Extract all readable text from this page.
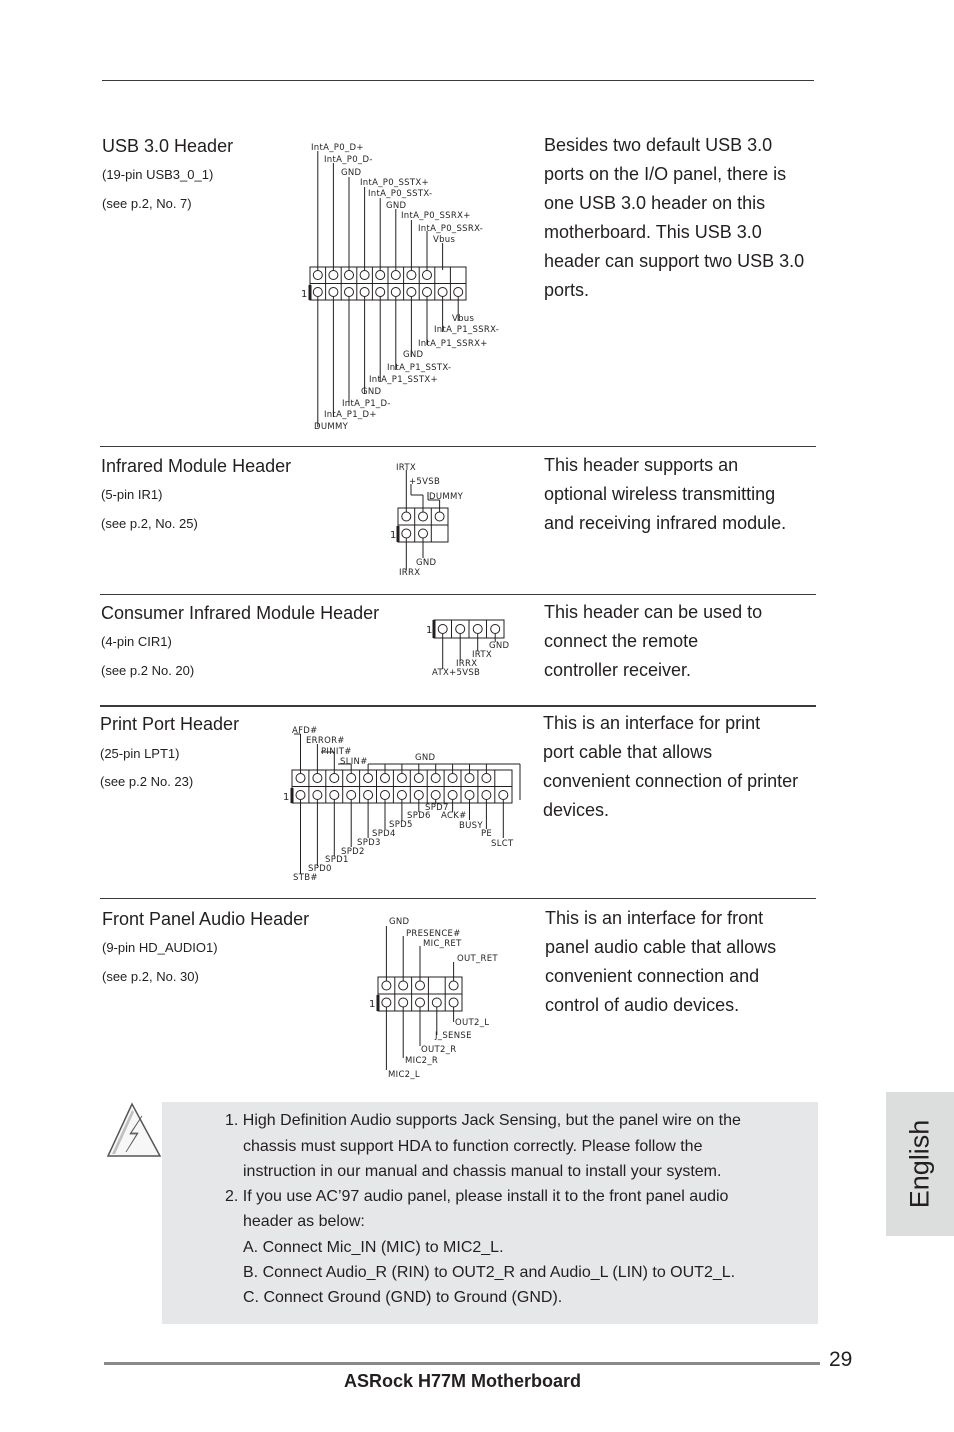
USB 3.0 Header
(19-pin USB3_0_1)
(see p.2, No. 7)
Besides two default USB 3.0
ports on the I/O panel, there is
one USB 3.0 header on this
motherboard. This USB 3.0
header can support two USB 3.0
ports.
1
IntA_P0_D+
IntA_P0_D-
GND
IntA_P0_SSTX+
IntA_P0_SSTX-
GND
IntA_P0_SSRX+
IntA_P0_SSRX-
Vbus
Vbus
IntA_P1_SSRX-
IntA_P1_SSRX+
GND
IntA_P1_SSTX-
IntA_P1_SSTX+
GND
IntA_P1_D-
IntA_P1_D+
DUMMY
Infrared Module Header
(5-pin IR1)
(see p.2, No. 25)
This header supports an
optional wireless transmitting
and receiving infrared module.
1
IRTX
+5VSB
DUMMY
GND
IRRX
Consumer Infrared Module Header
(4-pin CIR1)
(see p.2 No. 20)
This header can be used to
connect the remote
controller receiver.
1
GND
IRTX
IRRX
ATX+5VSB
Print Port Header
(25-pin LPT1)
(see p.2 No. 23)
This is an interface for print
port cable that allows
convenient connection of printer
devices.
1
AFD#
ERROR#
PINIT#
SLIN#	GND
SPD7
SPD6 ACK#
SPD5	BUSY
SPD4	PE
SPD3	SLCT
SPD2
SPD1
SPD0
STB#
Front Panel Audio Header
(9-pin HD_AUDIO1)
(see p.2, No. 30)
This is an interface for front
panel audio cable that allows
convenient connection and
control of audio devices.
1
GND
PRESENCE#
MIC_RET
OUT_RET
OUT2_L
J_SENSE
OUT2_R
MIC2_R
MIC2_L
1. High Definition Audio supports Jack Sensing, but the panel wire on the
chassis must support HDA to function correctly. Please follow the
instruction in our manual and chassis manual to install your system.
2. If you use AC’97 audio panel, please install it to the front panel audio
header as below:
A. Connect Mic_IN (MIC) to MIC2_L.
B. Connect Audio_R (RIN) to OUT2_R and Audio_L (LIN) to OUT2_L.
C. Connect Ground (GND) to Ground (GND).
English
29
ASRock H77M Motherboard
